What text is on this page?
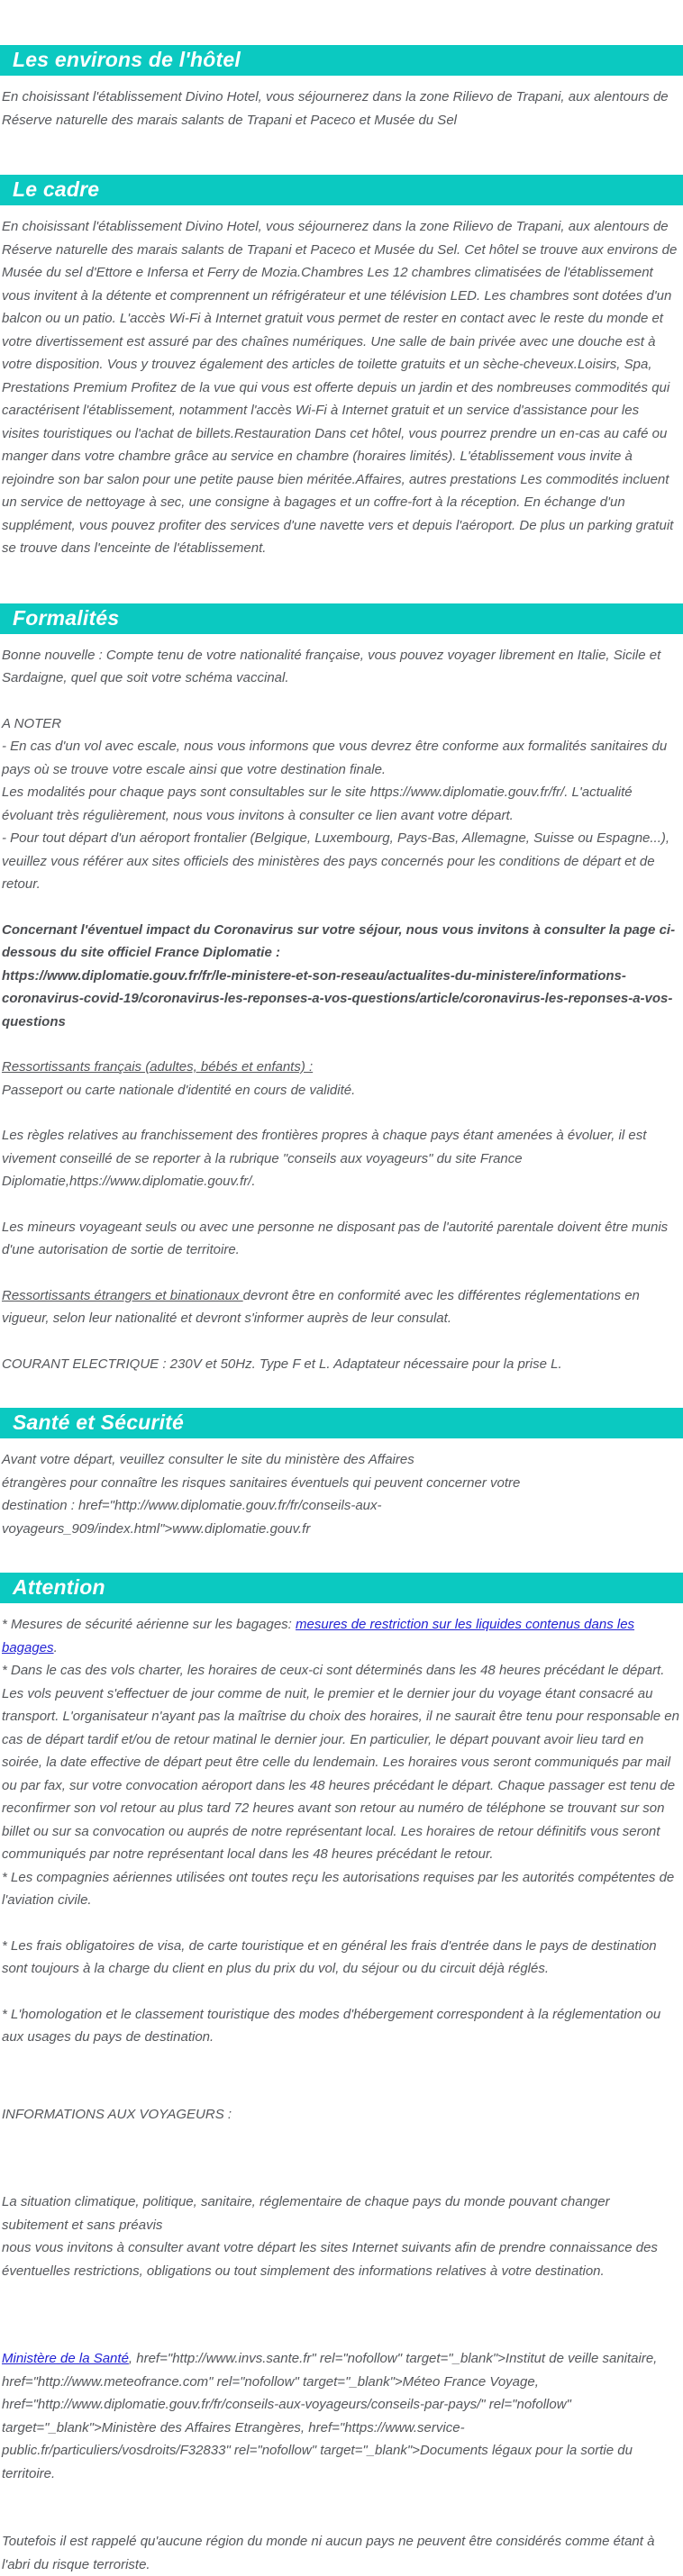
Les environs de l'hôtel

En choisissant l'établissement Divino Hotel, vous séjournerez dans la zone Rilievo de Trapani, aux alentours de Réserve naturelle des marais salants de Trapani et Paceco et Musée du Sel

Le cadre

En choisissant l'établissement Divino Hotel, vous séjournerez dans la zone Rilievo de Trapani, aux alentours de Réserve naturelle des marais salants de Trapani et Paceco et Musée du Sel. Cet hôtel se trouve aux environs de Musée du sel d'Ettore e Infersa et Ferry de Mozia.Chambres Les 12 chambres climatisées de l'établissement vous invitent à la détente et comprennent un réfrigérateur et une télévision LED. Les chambres sont dotées d'un balcon ou un patio. L'accès Wi-Fi à Internet gratuit vous permet de rester en contact avec le reste du monde et votre divertissement est assuré par des chaînes numériques. Une salle de bain privée avec une douche est à votre disposition. Vous y trouvez également des articles de toilette gratuits et un sèche-cheveux.Loisirs, Spa, Prestations Premium Profitez de la vue qui vous est offerte depuis un jardin et des nombreuses commodités qui caractérisent l'établissement, notamment l'accès Wi-Fi à Internet gratuit et un service d'assistance pour les visites touristiques ou l'achat de billets.Restauration Dans cet hôtel, vous pourrez prendre un en-cas au café ou manger dans votre chambre grâce au service en chambre (horaires limités). L'établissement vous invite à rejoindre son bar salon pour une petite pause bien méritée.Affaires, autres prestations Les commodités incluent un service de nettoyage à sec, une consigne à bagages et un coffre-fort à la réception. En échange d'un supplément, vous pouvez profiter des services d'une navette vers et depuis l'aéroport. De plus un parking gratuit se trouve dans l'enceinte de l'établissement.

Formalités

Bonne nouvelle : Compte tenu de votre nationalité française, vous pouvez voyager librement en Italie, Sicile et Sardaigne, quel que soit votre schéma vaccinal.

A NOTER

- En cas d'un vol avec escale, nous vous informons que vous devrez être conforme aux formalités sanitaires du pays où se trouve votre escale ainsi que votre destination finale.

Les modalités pour chaque pays sont consultables sur le site https://www.diplomatie.gouv.fr/fr/. L'actualité évoluant très régulièrement, nous vous invitons à consulter ce lien avant votre départ.

- Pour tout départ d'un aéroport frontalier (Belgique, Luxembourg, Pays-Bas, Allemagne, Suisse ou Espagne...), veuillez vous référer aux sites officiels des ministères des pays concernés pour les conditions de départ et de retour.

Concernant l'éventuel impact du Coronavirus sur votre séjour, nous vous invitons à consulter la page ci-dessous du site officiel France Diplomatie :

https://www.diplomatie.gouv.fr/fr/le-ministere-et-son-reseau/actualites-du-ministere/informations-coronavirus-covid-19/coronavirus-les-reponses-a-vos-questions/article/coronavirus-les-reponses-a-vos-questions

Ressortissants français (adultes, bébés et enfants) :

Passeport ou carte nationale d'identité en cours de validité.

Les règles relatives au franchissement des frontières propres à chaque pays étant amenées à évoluer, il est vivement conseillé de se reporter à la rubrique "conseils aux voyageurs" du site France Diplomatie,https://www.diplomatie.gouv.fr/.

Les mineurs voyageant seuls ou avec une personne ne disposant pas de l'autorité parentale doivent être munis d'une autorisation de sortie de territoire.

Ressortissants étrangers et binationaux devront être en conformité avec les différentes réglementations en vigueur, selon leur nationalité et devront s'informer auprès de leur consulat.

COURANT ELECTRIQUE : 230V et 50Hz. Type F et L. Adaptateur nécessaire pour la prise L.

Santé et Sécurité

Avant votre départ, veuillez consulter le site du ministère des Affaires

étrangères pour connaître les risques sanitaires éventuels qui peuvent concerner votre

destination : href="http://www.diplomatie.gouv.fr/fr/conseils-aux-voyageurs_909/index.html">www.diplomatie.gouv.fr

Attention

* Mesures de sécurité aérienne sur les bagages: mesures de restriction sur les liquides contenus dans les bagages.

* Dans le cas des vols charter, les horaires de ceux-ci sont déterminés dans les 48 heures précédant le départ. Les vols peuvent s'effectuer de jour comme de nuit, le premier et le dernier jour du voyage étant consacré au transport. L'organisateur n'ayant pas la maîtrise du choix des horaires, il ne saurait être tenu pour responsable en cas de départ tardif et/ou de retour matinal le dernier jour. En particulier, le départ pouvant avoir lieu tard en soirée, la date effective de départ peut être celle du lendemain. Les horaires vous seront communiqués par mail ou par fax, sur votre convocation aéroport dans les 48 heures précédant le départ. Chaque passager est tenu de reconfirmer son vol retour au plus tard 72 heures avant son retour au numéro de téléphone se trouvant sur son billet ou sur sa convocation ou auprés de notre représentant local. Les horaires de retour définitifs vous seront communiqués par notre représentant local dans les 48 heures précédant le retour.

* Les compagnies aériennes utilisées ont toutes reçu les autorisations requises par les autorités compétentes de l'aviation civile.

* Les frais obligatoires de visa, de carte touristique et en général les frais d'entrée dans le pays de destination sont toujours à la charge du client en plus du prix du vol, du séjour ou du circuit déjà réglés.

* L'homologation et le classement touristique des modes d'hébergement correspondent à la réglementation ou aux usages du pays de destination.

INFORMATIONS AUX VOYAGEURS :

La situation climatique, politique, sanitaire, réglementaire de chaque pays du monde pouvant changer subitement et sans préavis

nous vous invitons à consulter avant votre départ les sites Internet suivants afin de prendre connaissance des éventuelles restrictions, obligations ou tout simplement des informations relatives à votre destination.

Ministère de la Santé, href="http://www.invs.sante.fr" rel="nofollow" target="_blank">Institut de veille sanitaire, href="http://www.meteofrance.com" rel="nofollow" target="_blank">Méteo France Voyage, href="http://www.diplomatie.gouv.fr/fr/conseils-aux-voyageurs/conseils-par-pays/" rel="nofollow" target="_blank">Ministère des Affaires Etrangères, href="https://www.service-public.fr/particuliers/vosdroits/F32833" rel="nofollow" target="_blank">Documents légaux pour la sortie du territoire.

Toutefois il est rappelé qu'aucune région du monde ni aucun pays ne peuvent être considérés comme étant à l'abri du risque terroriste.
